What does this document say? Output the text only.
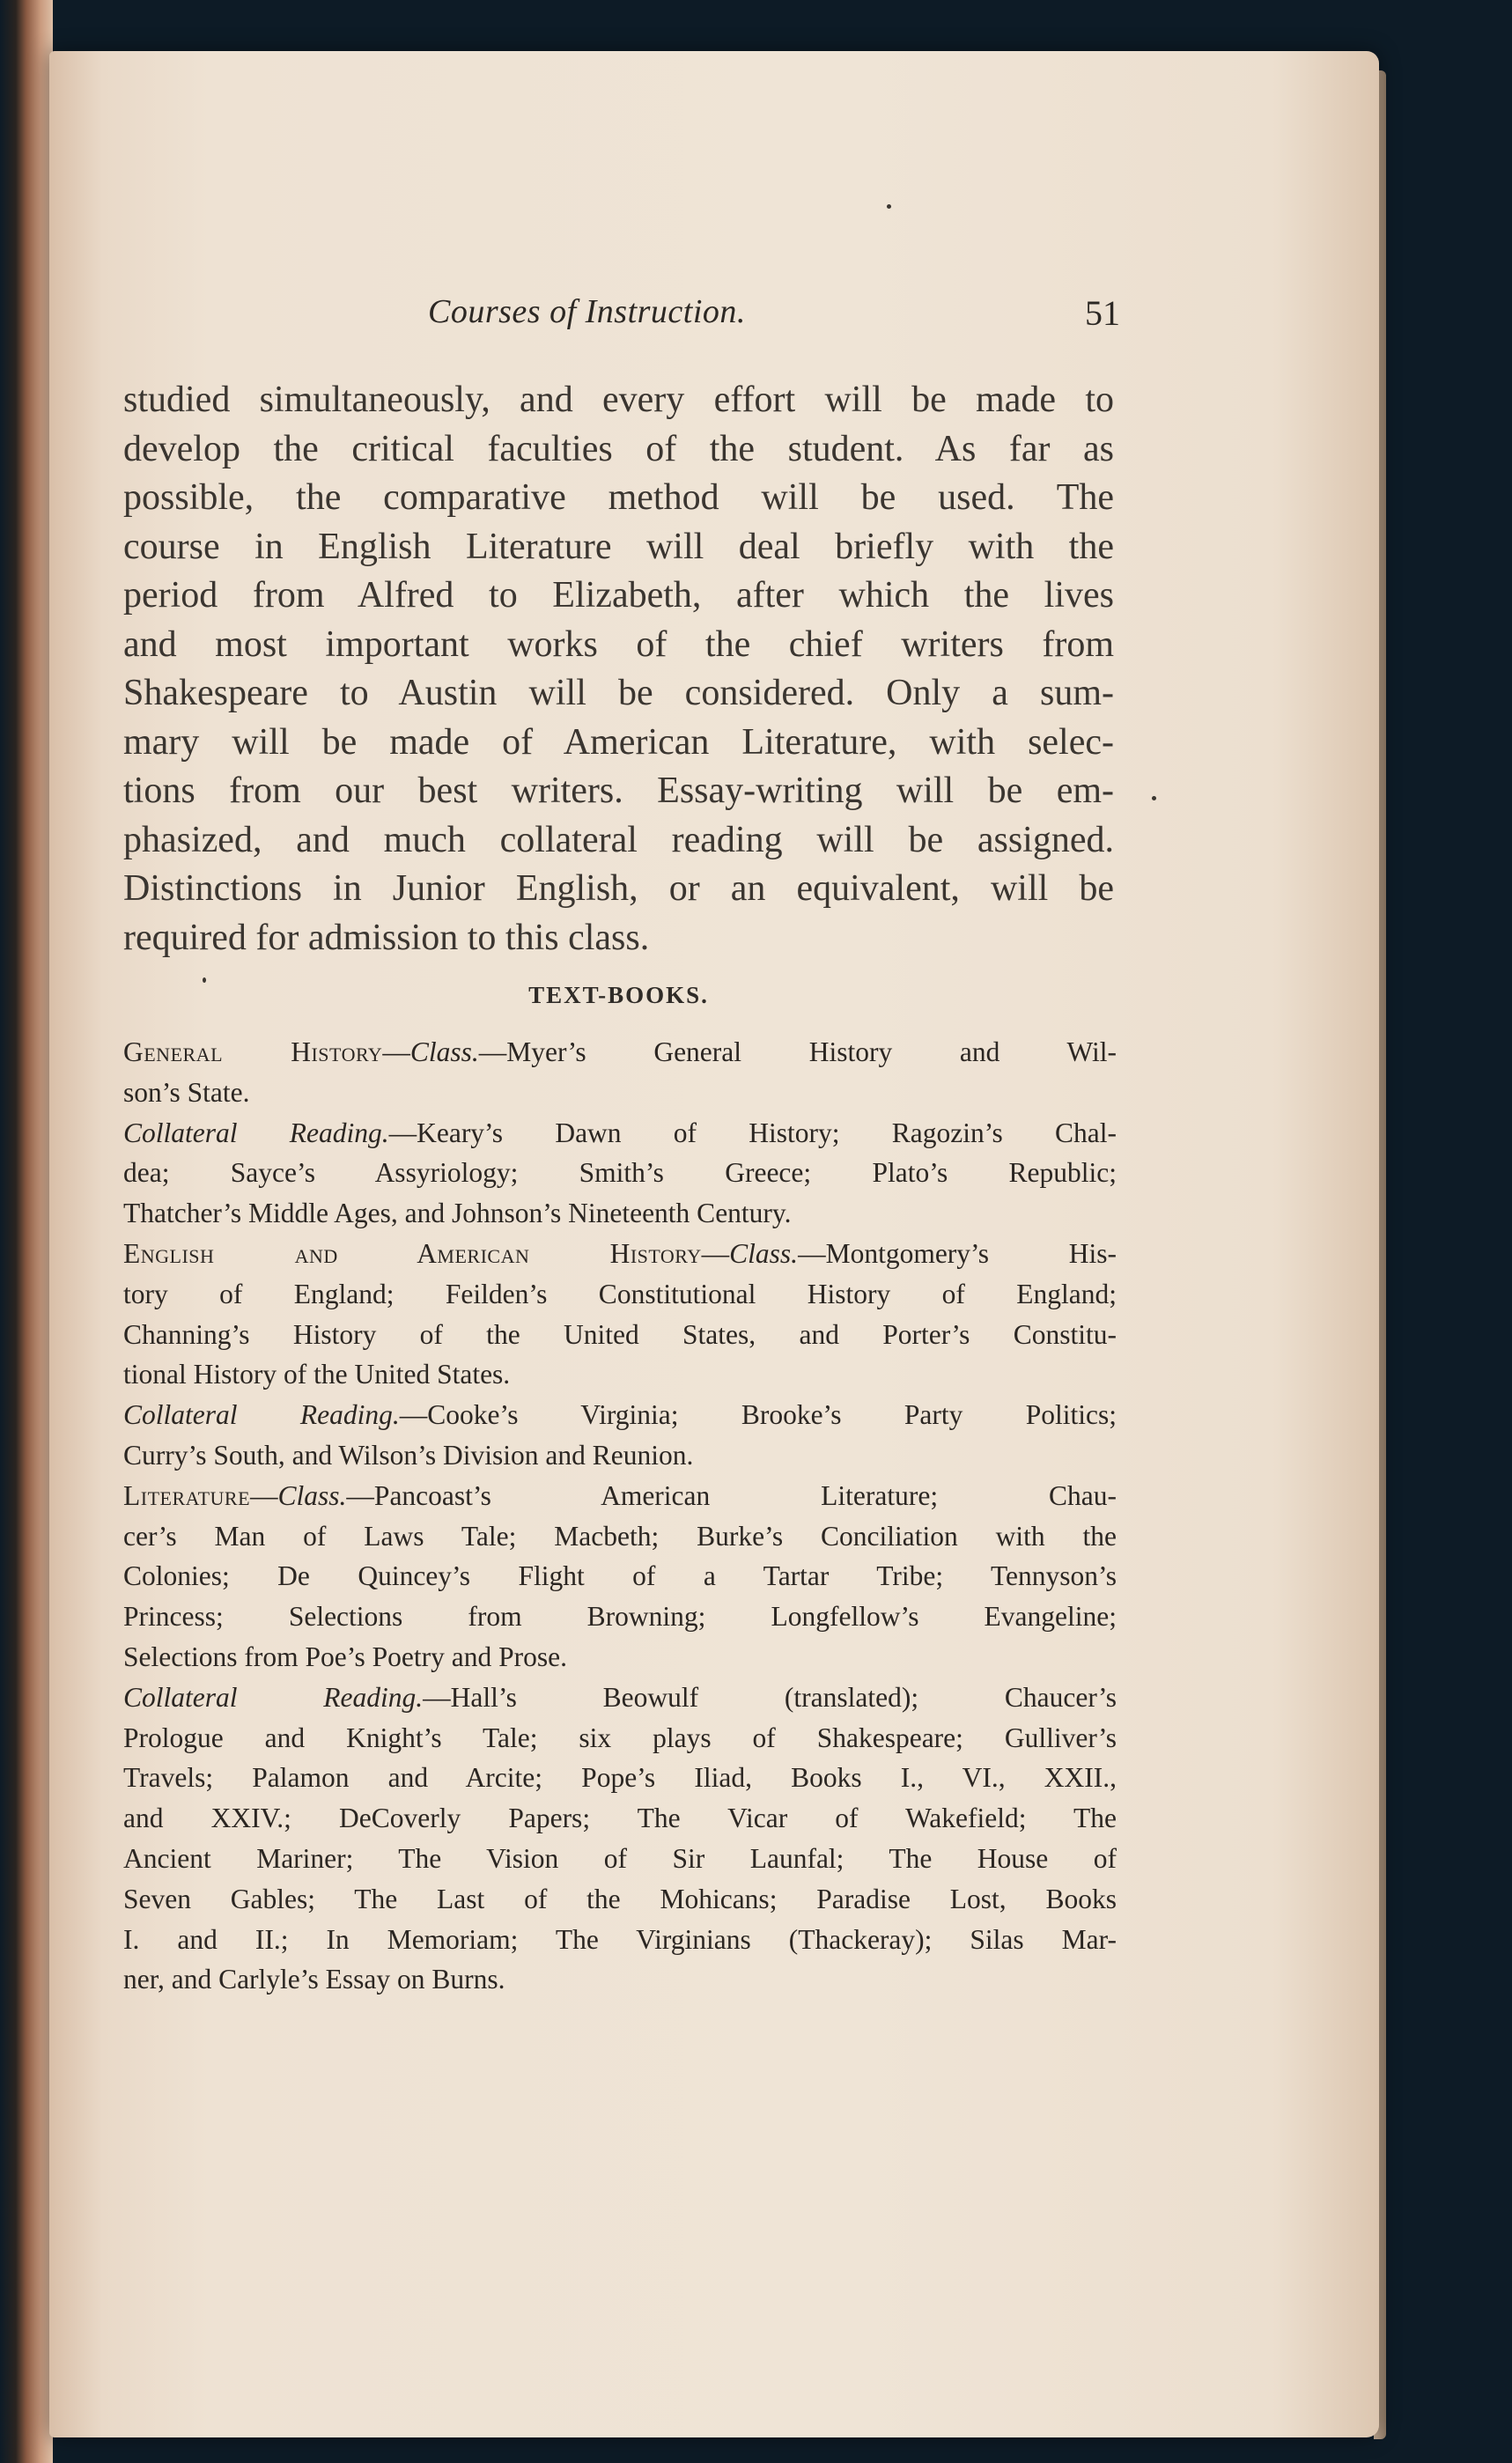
Courses of Instruction.	51
studied simultaneously, and every effort will be made to
develop the critical faculties of the student. As far as
possible, the comparative method will be used. The
course in English Literature will deal briefly with the
period from Alfred to Elizabeth, after which the lives
and most important works of the chief writers from
Shakespeare to Austin will be considered. Only a sum-
mary will be made of American Literature, with selec-
tions from our best writers. Essay-writing will be em-
phasized, and much collateral reading will be assigned.
Distinctions in Junior English, or an equivalent, will be
required for admission to this class.
TEXT-BOOKS.
General History—Class.—Myer’s General History and Wil-
son’s State.
Collateral Reading.—Keary’s Dawn of History; Ragozin’s Chal-
dea; Sayce’s Assyriology; Smith’s Greece; Plato’s Republic;
Thatcher’s Middle Ages, and Johnson’s Nineteenth Century.
English and American History—Class.—Montgomery’s His-
tory of England; Feilden’s Constitutional History of England;
Channing’s History of the United States, and Porter’s Constitu-
tional History of the United States.
Collateral Reading.—Cooke’s Virginia; Brooke’s Party Politics;
Curry’s South, and Wilson’s Division and Reunion.
Literature—Class.—Pancoast’s American Literature; Chau-
cer’s Man of Laws Tale; Macbeth; Burke’s Conciliation with the
Colonies; De Quincey’s Flight of a Tartar Tribe; Tennyson’s
Princess; Selections from Browning; Longfellow’s Evangeline;
Selections from Poe’s Poetry and Prose.
Collateral Reading.—Hall’s Beowulf (translated); Chaucer’s
Prologue and Knight’s Tale; six plays of Shakespeare; Gulliver’s
Travels; Palamon and Arcite; Pope’s Iliad, Books I., VI., XXII.,
and XXIV.; DeCoverly Papers; The Vicar of Wakefield; The
Ancient Mariner; The Vision of Sir Launfal; The House of
Seven Gables; The Last of the Mohicans; Paradise Lost, Books
I. and II.; In Memoriam; The Virginians (Thackeray); Silas Mar-
ner, and Carlyle’s Essay on Burns.
